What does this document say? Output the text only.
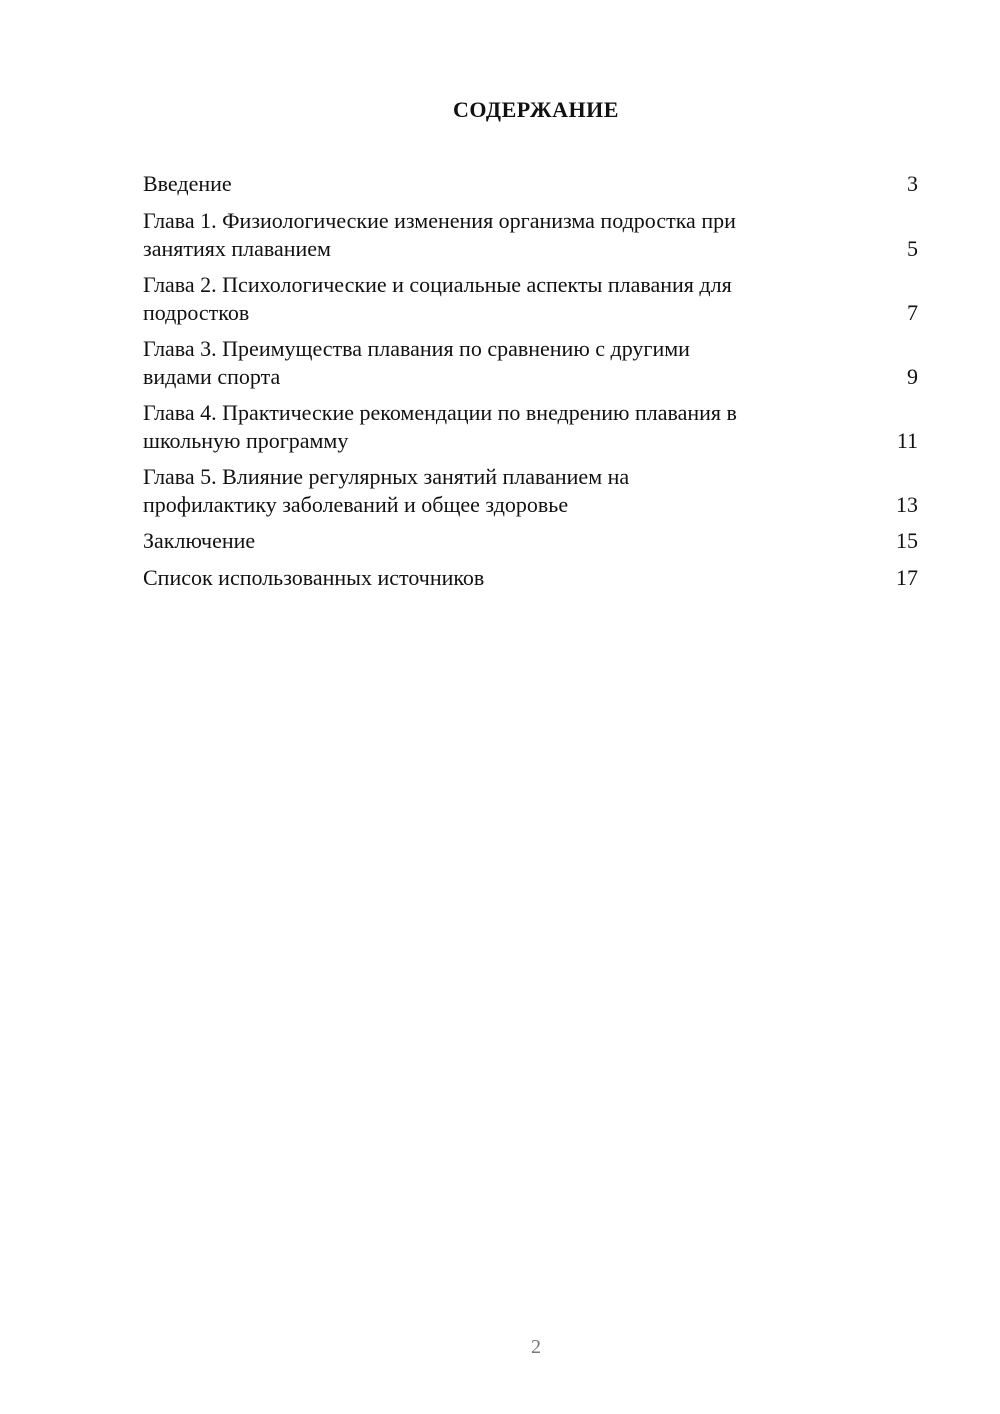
СОДЕРЖАНИЕ
Введение	3
Глава 1. Физиологические изменения организма подростка при
занятиях плаванием	5
Глава 2. Психологические и социальные аспекты плавания для
подростков	7
Глава 3. Преимущества плавания по сравнению с другими
видами спорта	9
Глава 4. Практические рекомендации по внедрению плавания в
школьную программу	11
Глава 5. Влияние регулярных занятий плаванием на
профилактику заболеваний и общее здоровье	13
Заключение	15
Список использованных источников	17
2
